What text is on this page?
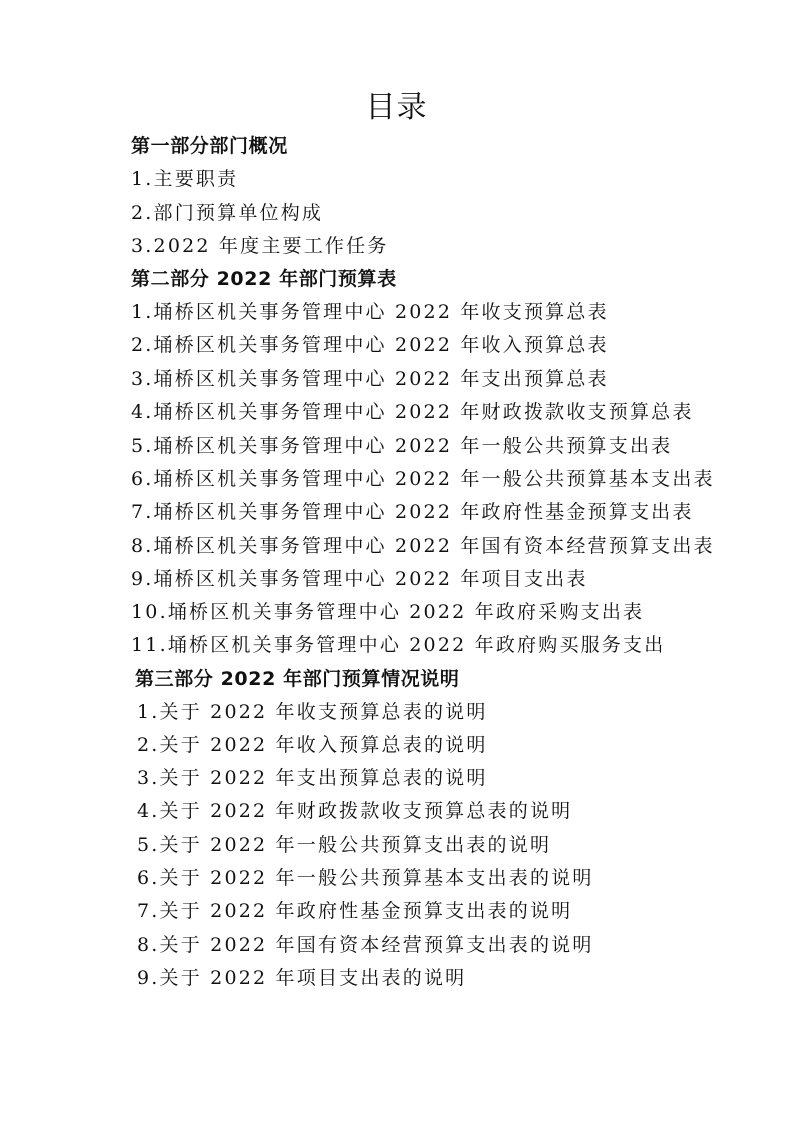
目录
第一部分部门概况
1.主要职责
2.部门预算单位构成
3.2022 年度主要工作任务
第二部分 2022 年部门预算表
1.埇桥区机关事务管理中心 2022 年收支预算总表
2.埇桥区机关事务管理中心 2022 年收入预算总表
3.埇桥区机关事务管理中心 2022 年支出预算总表
4.埇桥区机关事务管理中心 2022 年财政拨款收支预算总表
5.埇桥区机关事务管理中心 2022 年一般公共预算支出表
6.埇桥区机关事务管理中心 2022 年一般公共预算基本支出表
7.埇桥区机关事务管理中心 2022 年政府性基金预算支出表
8.埇桥区机关事务管理中心 2022 年国有资本经营预算支出表
9.埇桥区机关事务管理中心 2022 年项目支出表
10.埇桥区机关事务管理中心 2022 年政府采购支出表
11.埇桥区机关事务管理中心 2022 年政府购买服务支出
第三部分 2022 年部门预算情况说明
1.关于 2022 年收支预算总表的说明
2.关于 2022 年收入预算总表的说明
3.关于 2022 年支出预算总表的说明
4.关于 2022 年财政拨款收支预算总表的说明
5.关于 2022 年一般公共预算支出表的说明
6.关于 2022 年一般公共预算基本支出表的说明
7.关于 2022 年政府性基金预算支出表的说明
8.关于 2022 年国有资本经营预算支出表的说明
9.关于 2022 年项目支出表的说明
